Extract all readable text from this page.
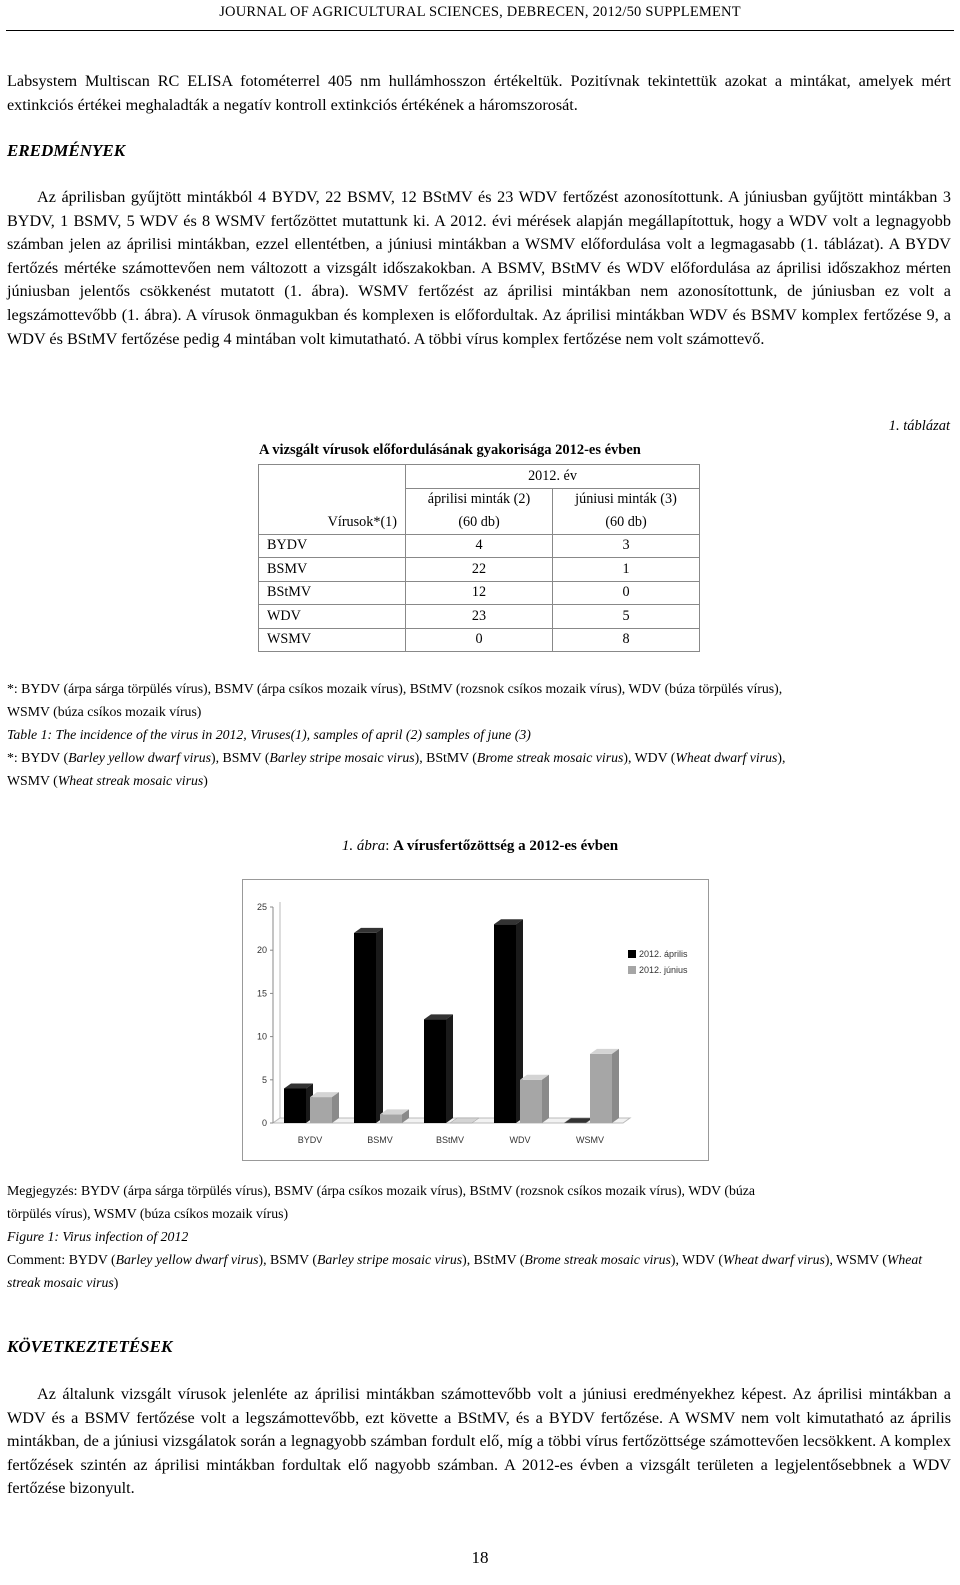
JOURNAL OF AGRICULTURAL SCIENCES, DEBRECEN, 2012/50 SUPPLEMENT

Labsystem Multiscan RC ELISA fotométerrel 405 nm hullámhosszon értékeltük. Pozitívnak tekintettük azokat a mintákat, amelyek mért extinkciós értékei meghaladták a negatív kontroll extinkciós értékének a háromszorosát.

EREDMÉNYEK

Az áprilisban gyűjtött mintákból 4 BYDV, 22 BSMV, 12 BStMV és 23 WDV fertőzést azonosítottunk. A júniusban gyűjtött mintákban 3 BYDV, 1 BSMV, 5 WDV és 8 WSMV fertőzöttet mutattunk ki. A 2012. évi mérések alapján megállapítottuk, hogy a WDV volt a legnagyobb számban jelen az áprilisi mintákban, ezzel ellentétben, a júniusi mintákban a WSMV előfordulása volt a legmagasabb (1. táblázat). A BYDV fertőzés mértéke számottevően nem változott a vizsgált időszakokban. A BSMV, BStMV és WDV előfordulása az áprilisi időszakhoz mérten júniusban jelentős csökkenést mutatott (1. ábra). WSMV fertőzést az áprilisi mintákban nem azonosítottunk, de júniusban ez volt a legszámottevőbb (1. ábra). A vírusok önmagukban és komplexen is előfordultak. Az áprilisi mintákban WDV és BSMV komplex fertőzése 9, a WDV és BStMV fertőzése pedig 4 mintában volt kimutatható. A többi vírus komplex fertőzése nem volt számottevő.

1. táblázat
A vizsgált vírusok előfordulásának gyakorisága 2012-es évben
	2012. év	
	áprilisi minták (2)	júniusi minták (3)
Vírusok*(1)	(60 db)	(60 db)
BYDV	4	3
BSMV	22	1
BStMV	12	0
WDV	23	5
WSMV	0	8

*: BYDV (árpa sárga törpülés vírus), BSMV (árpa csíkos mozaik vírus), BStMV (rozsnok csíkos mozaik vírus), WDV (búza törpülés vírus),
WSMV (búza csíkos mozaik vírus)

Table 1: The incidence of the virus in 2012, Viruses(1), samples of april (2) samples of june (3)

*: BYDV (Barley yellow dwarf virus), BSMV (Barley stripe mosaic virus), BStMV (Brome streak mosaic virus), WDV (Wheat dwarf virus),
WSMV (Wheat streak mosaic virus)

1. ábra: A vírusfertőzöttség a 2012-es évben
0
5
10
15
20
25
BYDV	BSMV	BStMV	WDV	WSMV
2012. április
2012. június

Megjegyzés: BYDV (árpa sárga törpülés vírus), BSMV (árpa csíkos mozaik vírus), BStMV (rozsnok csíkos mozaik vírus), WDV (búza
törpülés vírus), WSMV (búza csíkos mozaik vírus)

Figure 1: Virus infection of 2012

Comment: BYDV (Barley yellow dwarf virus), BSMV (Barley stripe mosaic virus), BStMV (Brome streak mosaic virus), WDV (Wheat dwarf virus), WSMV (Wheat streak mosaic virus)

KÖVETKEZTETÉSEK

Az általunk vizsgált vírusok jelenléte az áprilisi mintákban számottevőbb volt a júniusi eredményekhez képest. Az áprilisi mintákban a WDV és a BSMV fertőzése volt a legszámottevőbb, ezt követte a BStMV, és a BYDV fertőzése. A WSMV nem volt kimutatható az április mintákban, de a júniusi vizsgálatok során a legnagyobb számban fordult elő, míg a többi vírus fertőzöttsége számottevően lecsökkent. A komplex fertőzések szintén az áprilisi mintákban fordultak elő nagyobb számban. A 2012-es évben a vizsgált területen a legjelentősebbnek a WDV fertőzése bizonyult.

18
